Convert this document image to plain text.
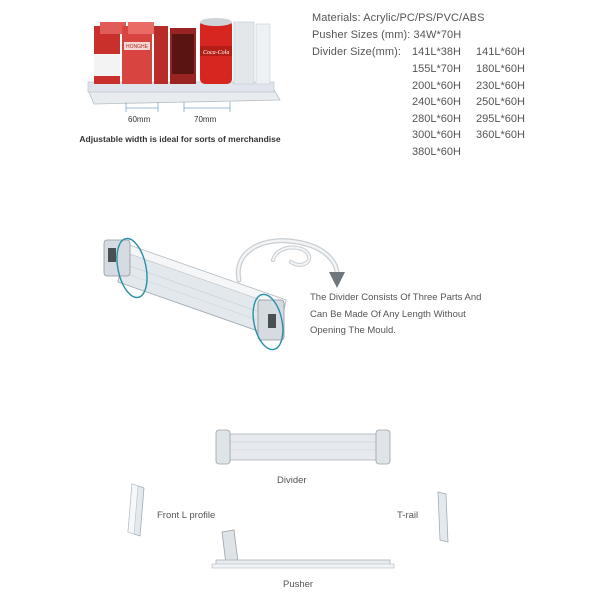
HONGHE
Coca-Cola
60mm	70mm
Adjustable width is ideal for sorts of merchandise
Materials: Acrylic/PC/PS/PVC/ABS
Pusher Sizes (mm): 34W*70H
Divider Size(mm): 141L*38H
155L*70H
200L*60H
240L*60H
280L*60H
300L*60H
380L*60H
141L*60H
180L*60H
230L*60H
250L*60H
295L*60H
360L*60H
The Divider Consists Of Three Parts And
Can Be Made Of Any Length Without
Opening The Mould.
Divider
Front L profile	T-rail
Pusher
